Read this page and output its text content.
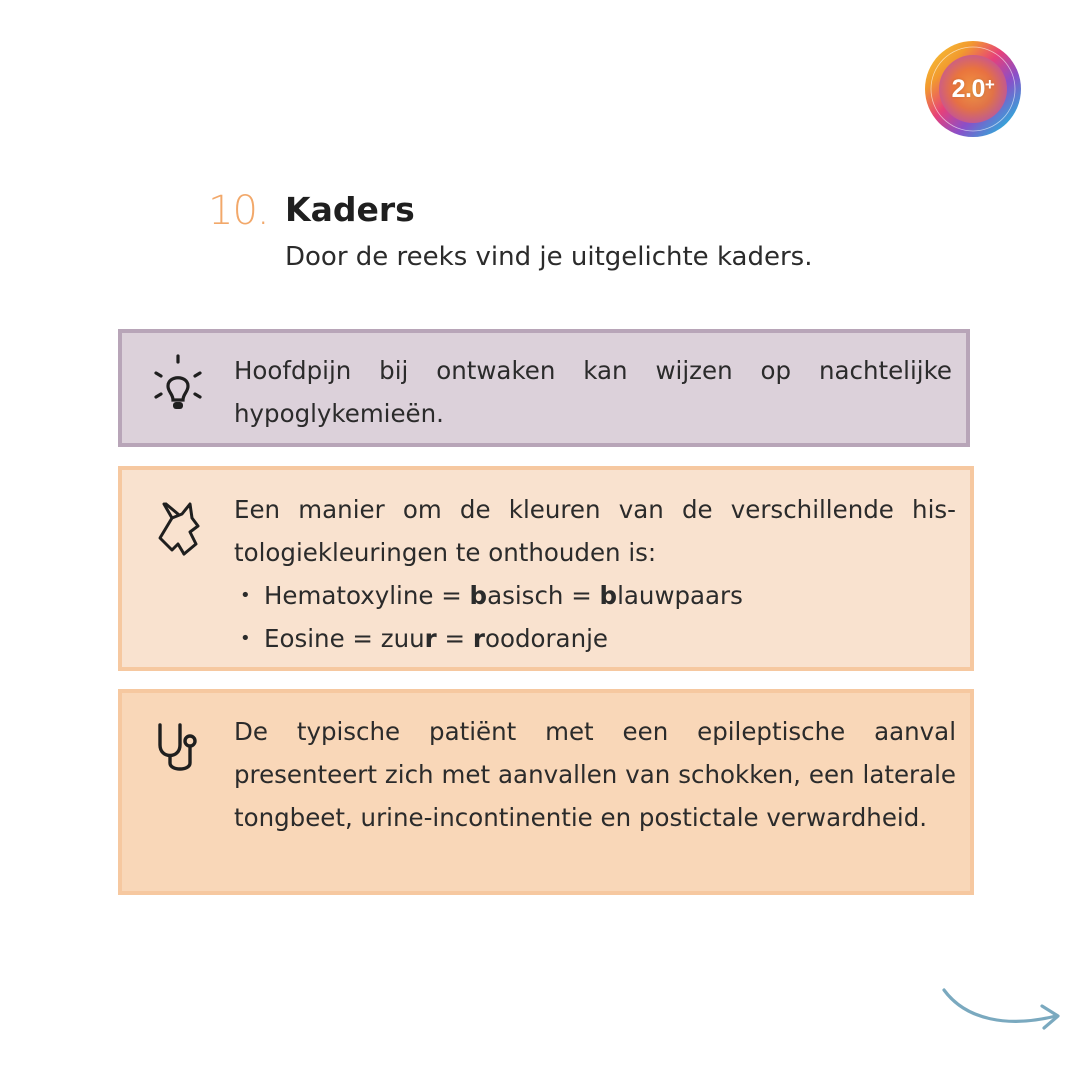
2.0+
10. Kaders
Door de reeks vind je uitgelichte kaders.
Hoofdpijn bij ontwaken kan wijzen op nachtelijke hypoglykemieën.
Een manier om de kleuren van de verschillende his-tologiekleuringen te onthouden is:
• Hematoxyline = basisch = blauwpaars
• Eosine = zuur = roodoranje
De typische patiënt met een epileptische aanval presenteert zich met aanvallen van schokken, een laterale tongbeet, urine-incontinentie en postictale verwardheid.
